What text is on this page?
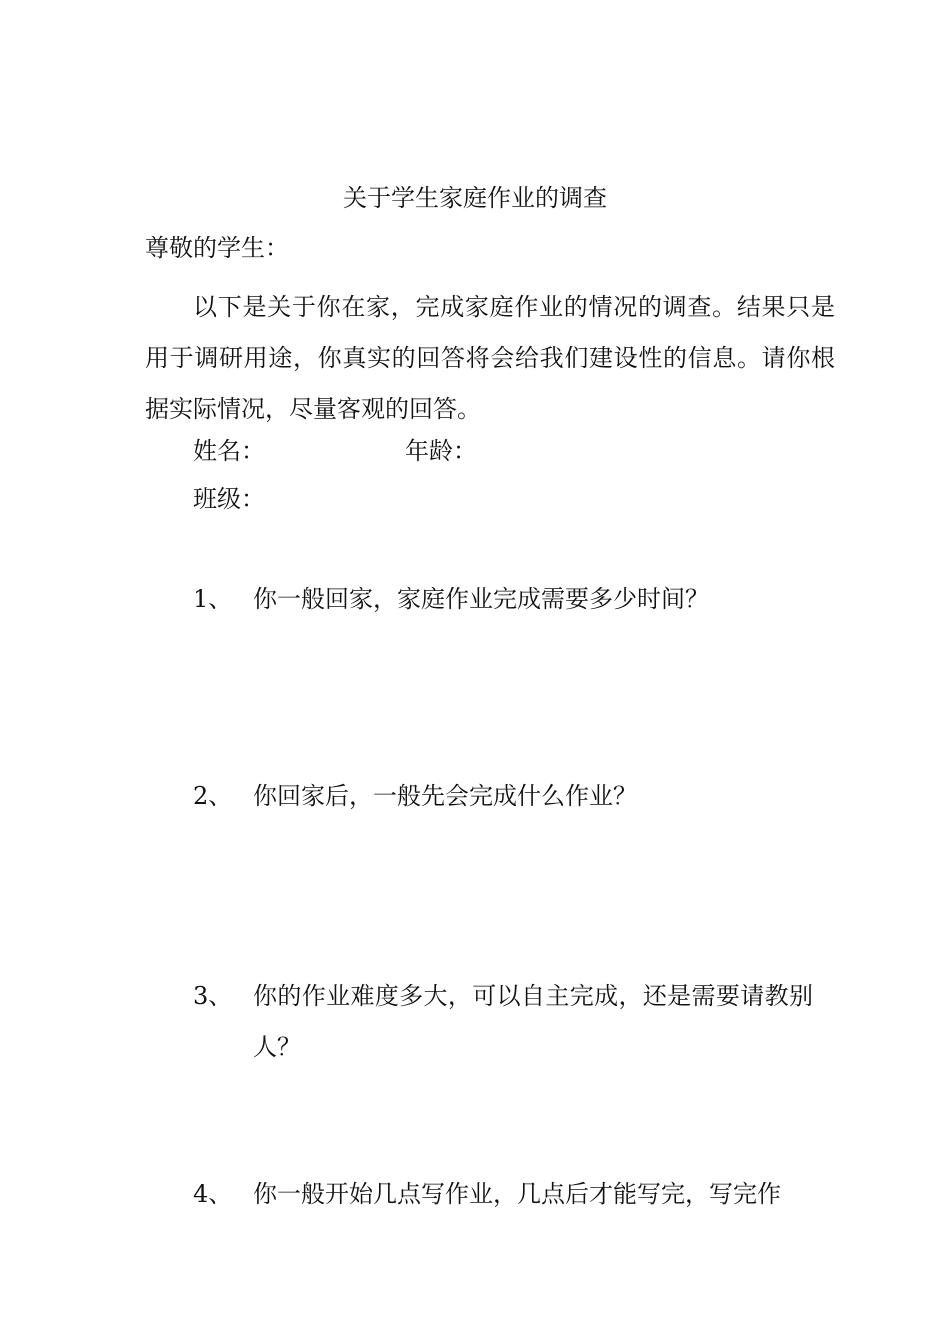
关于学生家庭作业的调查
尊敬的学生：

以下是关于你在家，完成家庭作业的情况的调查。结果只是用于调研用途，你真实的回答将会给我们建设性的信息。请你根据实际情况，尽量客观的回答。

姓名：	年龄：
班级：
1、 你一般回家，家庭作业完成需要多少时间？

2、 你回家后，一般先会完成什么作业？

3、 你的作业难度多大，可以自主完成，还是需要请教别人？

4、 你一般开始几点写作业，几点后才能写完，写完作
